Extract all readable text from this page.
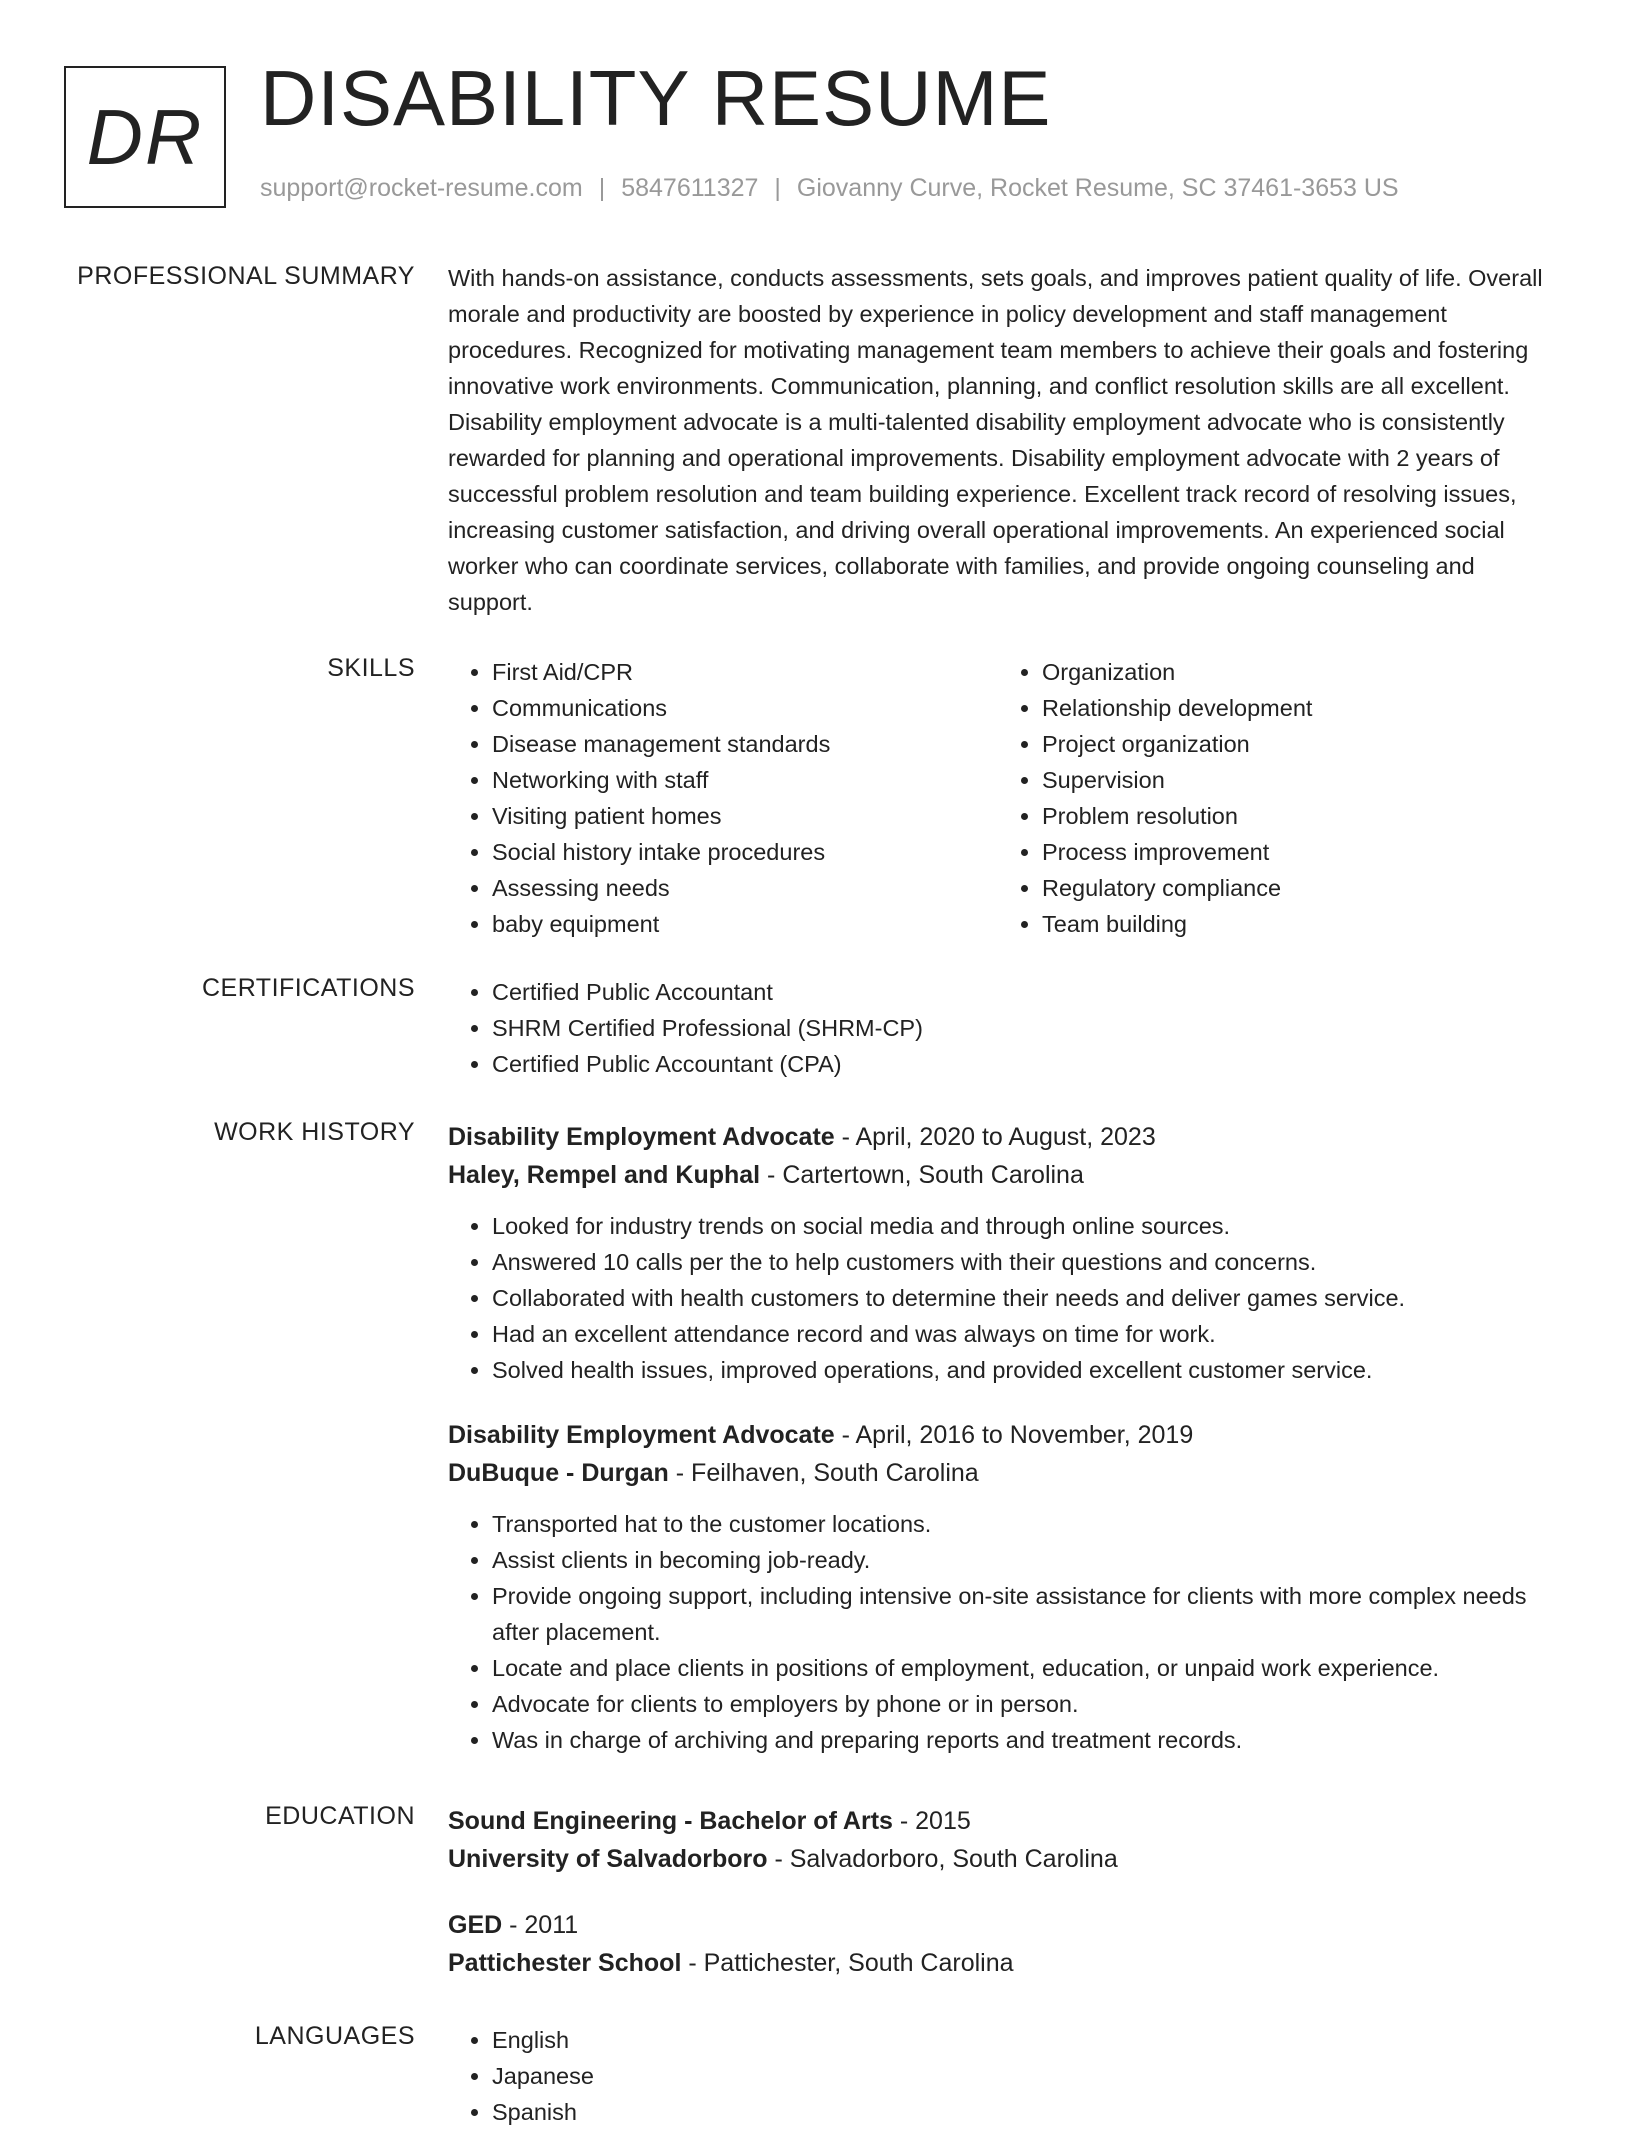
DR DISABILITY RESUME
support@rocket-resume.com | 5847611327 | Giovanny Curve, Rocket Resume, SC 37461-3653 US
PROFESSIONAL SUMMARY With hands-on assistance, conducts assessments, sets goals, and improves patient quality of life. Overall morale and productivity are boosted by experience in policy development and staff management procedures. Recognized for motivating management team members to achieve their goals and fostering innovative work environments. Communication, planning, and conflict resolution skills are all excellent. Disability employment advocate is a multi-talented disability employment advocate who is consistently rewarded for planning and operational improvements. Disability employment advocate with 2 years of successful problem resolution and team building experience. Excellent track record of resolving issues, increasing customer satisfaction, and driving overall operational improvements. An experienced social worker who can coordinate services, collaborate with families, and provide ongoing counseling and support.

SKILLS	• First Aid/CPR
• Communications
• Disease management standards
• Networking with staff
• Visiting patient homes
• Social history intake procedures
• Assessing needs
• baby equipment
• Organization
• Relationship development
• Project organization
• Supervision
• Problem resolution
• Process improvement
• Regulatory compliance
• Team building
CERTIFICATIONS	• Certified Public Accountant
• SHRM Certified Professional (SHRM-CP)
• Certified Public Accountant (CPA)
WORK HISTORY Disability Employment Advocate - April, 2020 to August, 2023
Haley, Rempel and Kuphal - Cartertown, South Carolina
• Looked for industry trends on social media and through online sources.
• Answered 10 calls per the to help customers with their questions and concerns.
• Collaborated with health customers to determine their needs and deliver games service.
• Had an excellent attendance record and was always on time for work.
• Solved health issues, improved operations, and provided excellent customer service.
Disability Employment Advocate - April, 2016 to November, 2019
DuBuque - Durgan - Feilhaven, South Carolina
• Transported hat to the customer locations.
• Assist clients in becoming job-ready.
• Provide ongoing support, including intensive on-site assistance for clients with more complex needs after placement.
• Locate and place clients in positions of employment, education, or unpaid work experience.
• Advocate for clients to employers by phone or in person.
• Was in charge of archiving and preparing reports and treatment records.
EDUCATION Sound Engineering - Bachelor of Arts - 2015
University of Salvadorboro - Salvadorboro, South Carolina
GED - 2011
Pattichester School - Pattichester, South Carolina
LANGUAGES	• English
• Japanese
• Spanish
